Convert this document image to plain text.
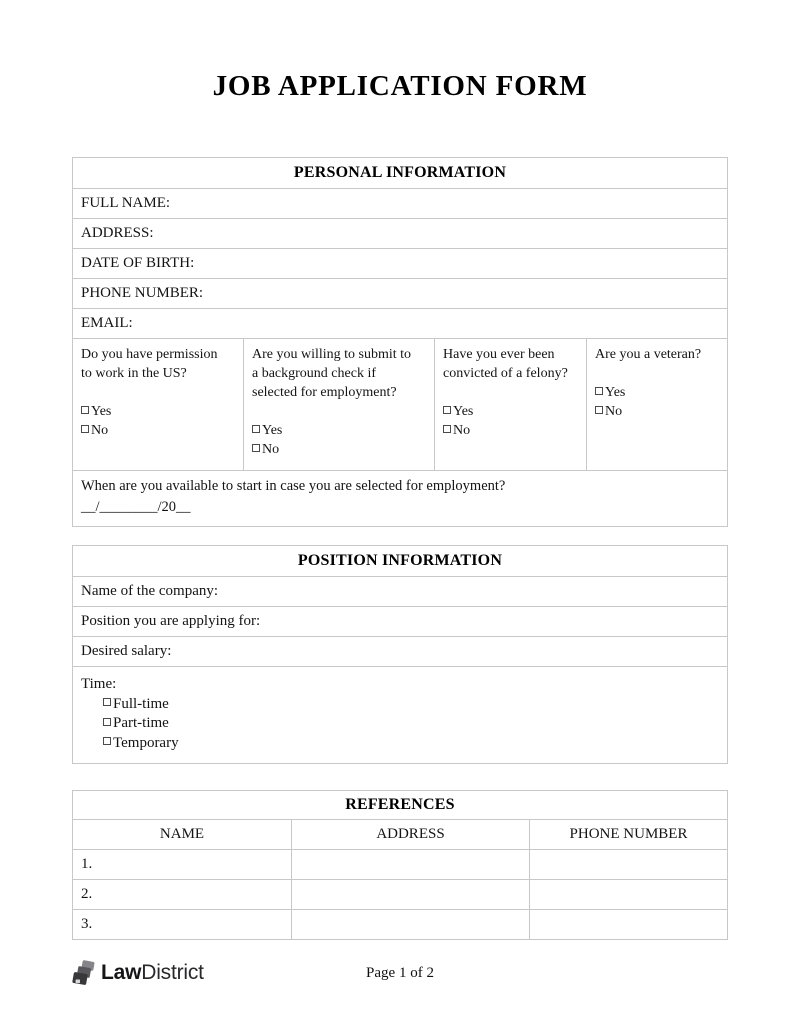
JOB APPLICATION FORM
PERSONAL INFORMATION
FULL NAME:
ADDRESS:
DATE OF BIRTH:
PHONE NUMBER:
EMAIL:
Do you have permission to work in the US?
Yes
No
Are you willing to submit to a background check if selected for employment?
Yes
No
Have you ever been convicted of a felony?
Yes
No
Are you a veteran?
Yes
No
When are you available to start in case you are selected for employment?
__/________/20__
POSITION INFORMATION
Name of the company:
Position you are applying for:
Desired salary:
Time:
Full-time
Part-time
Temporary
REFERENCES
NAME	ADDRESS	PHONE NUMBER
1.
2.
3.
LawDistrict	Page 1 of 2
